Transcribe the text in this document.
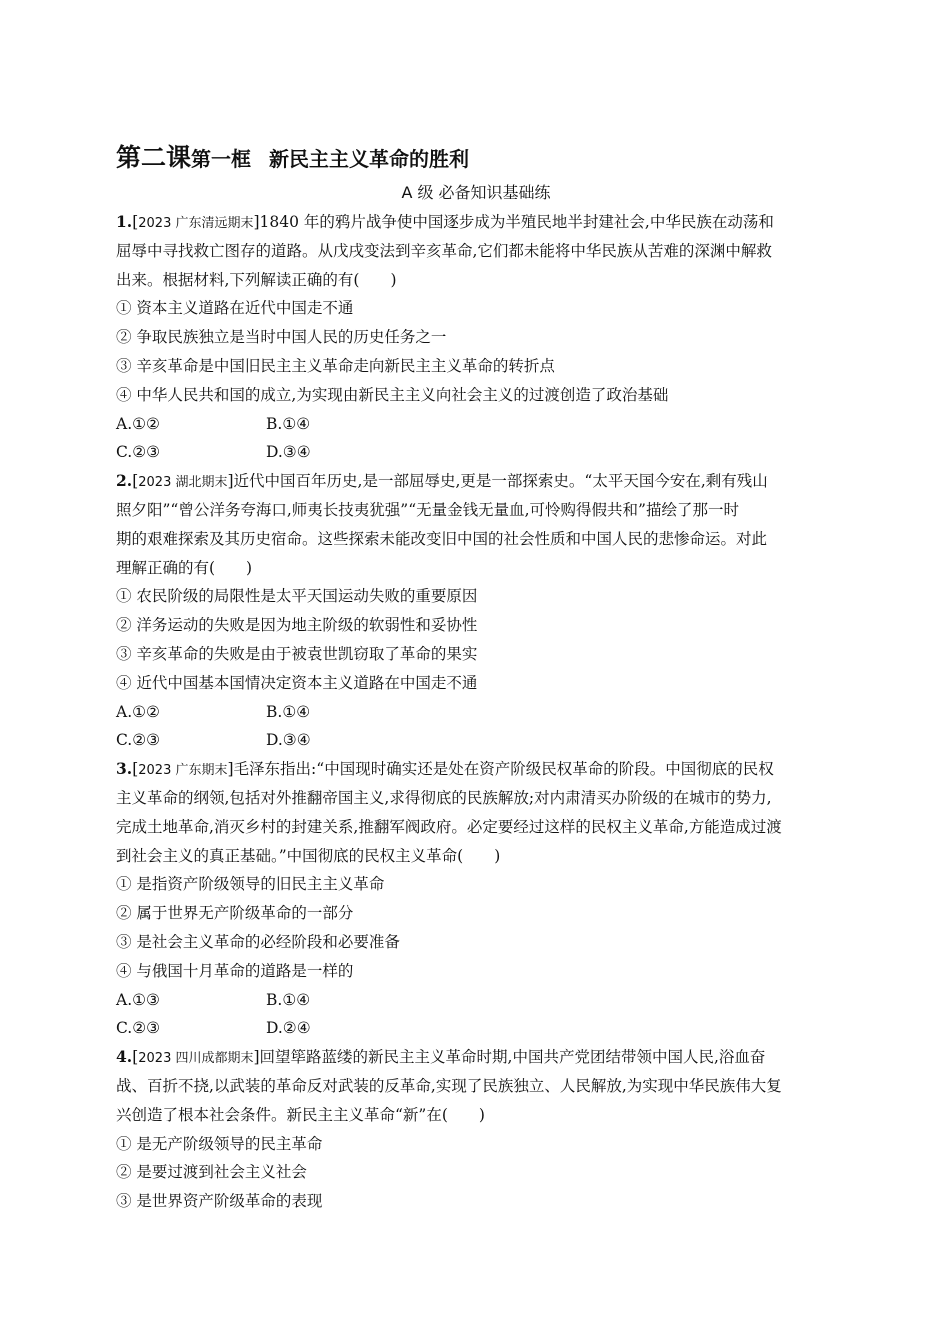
第二课第一框 新民主主义革命的胜利
A 级 必备知识基础练
1.[2023 广东清远期末]1840 年的鸦片战争使中国逐步成为半殖民地半封建社会,中华民族在动荡和
屈辱中寻找救亡图存的道路。从戊戌变法到辛亥革命,它们都未能将中华民族从苦难的深渊中解救
出来。根据材料,下列解读正确的有(　　)
① 资本主义道路在近代中国走不通
② 争取民族独立是当时中国人民的历史任务之一
③ 辛亥革命是中国旧民主主义革命走向新民主主义革命的转折点
④ 中华人民共和国的成立,为实现由新民主主义向社会主义的过渡创造了政治基础
A.①②	B.①④
C.②③	D.③④
2.[2023 湖北期末]近代中国百年历史,是一部屈辱史,更是一部探索史。“太平天国今安在,剩有残山
照夕阳”“曾公洋务夸海口,师夷长技夷犹强”“无量金钱无量血,可怜购得假共和”描绘了那一时
期的艰难探索及其历史宿命。这些探索未能改变旧中国的社会性质和中国人民的悲惨命运。对此
理解正确的有(　　)
① 农民阶级的局限性是太平天国运动失败的重要原因
② 洋务运动的失败是因为地主阶级的软弱性和妥协性
③ 辛亥革命的失败是由于被袁世凯窃取了革命的果实
④ 近代中国基本国情决定资本主义道路在中国走不通
A.①②	B.①④
C.②③	D.③④
3.[2023 广东期末]毛泽东指出:“中国现时确实还是处在资产阶级民权革命的阶段。中国彻底的民权
主义革命的纲领,包括对外推翻帝国主义,求得彻底的民族解放;对内肃清买办阶级的在城市的势力,
完成土地革命,消灭乡村的封建关系,推翻军阀政府。必定要经过这样的民权主义革命,方能造成过渡
到社会主义的真正基础。”中国彻底的民权主义革命(　　)
① 是指资产阶级领导的旧民主主义革命
② 属于世界无产阶级革命的一部分
③ 是社会主义革命的必经阶段和必要准备
④ 与俄国十月革命的道路是一样的
A.①③	B.①④
C.②③	D.②④
4.[2023 四川成都期末]回望筚路蓝缕的新民主主义革命时期,中国共产党团结带领中国人民,浴血奋
战、百折不挠,以武装的革命反对武装的反革命,实现了民族独立、人民解放,为实现中华民族伟大复
兴创造了根本社会条件。新民主主义革命“新”在(　　)
① 是无产阶级领导的民主革命
② 是要过渡到社会主义社会
③ 是世界资产阶级革命的表现
